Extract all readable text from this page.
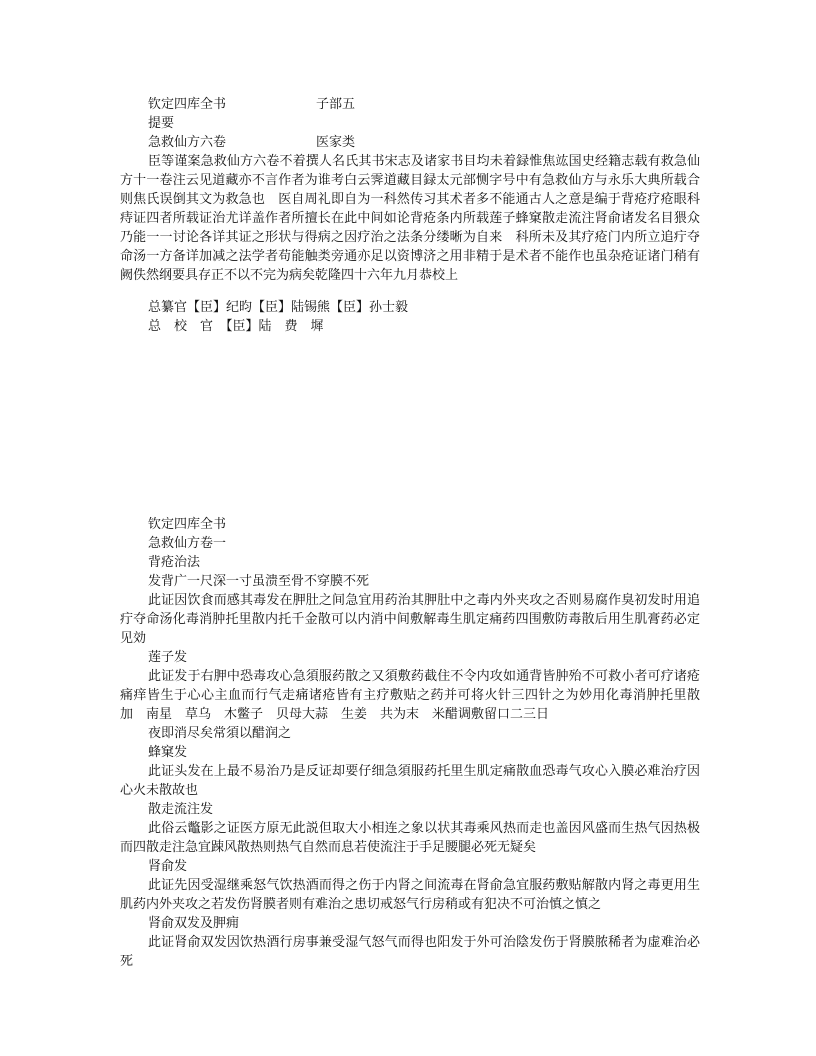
钦定四库全书	子部五
提要
急救仙方六卷	医家类
臣等谨案急救仙方六卷不着撰人名氏其书宋志及诸家书目均未着録惟焦竑国史经籍志载有救急仙方十一卷注云见道藏亦不言作者为谁考白云霁道藏目録太元部恻字号中有急救仙方与永乐大典所载合则焦氏误倒其文为救急也　医自周礼即自为一科然传习其术者多不能通古人之意是编于背疮疗疮眼科痔证四者所载证治尤详盖作者所擅长在此中间如论背疮条内所载莲子蜂窠散走流注肾俞诸发名目猥众乃能一一讨论各详其证之形状与得病之因疗治之法条分缕晰为自来　科所未及其疗疮门内所立追疔夺命汤一方备详加减之法学者苟能触类旁通亦足以资博济之用非精于是术者不能作也虽杂疮证诸门稍有阙佚然纲要具存正不以不完为病矣乾隆四十六年九月恭校上
总纂官【臣】纪昀【臣】陆锡熊【臣】孙士毅
总　校　官　【臣】陆　费　墀
钦定四库全书
急救仙方卷一
背疮治法
发背广一尺深一寸虽溃至骨不穿膜不死
此证因饮食而感其毒发在胛肚之间急宜用药治其胛肚中之毒内外夹攻之否则易腐作臭初发时用追疔夺命汤化毒消肿托里散内托千金散可以内消中间敷解毒生肌定痛药四围敷防毒散后用生肌膏药必定见効
莲子发
此证发于右胛中恐毒攻心急須服药散之又須敷药截住不令内攻如通背皆肿殆不可救小者可疗诸疮痛痒皆生于心心主血而行气走痛诸疮皆有主疗敷贴之药并可将火针三四针之为妙用化毒消肿托里散　加　南星　草乌　木鳖子　贝母大蒜　生姜　共为末　米醋调敷留口二三日
夜即消尽矣常須以醋润之
蜂窠发
此证头发在上最不易治乃是反证却要仔细急須服药托里生肌定痛散血恐毒气攻心入膜必难治疗因心火未散故也
散走流注发
此俗云鼈影之证医方原无此説但取大小相连之象以状其毒乘风热而走也盖因风盛而生热气因热极而四散走注急宜踈风散热则热气自然而息若使流注于手足腰腿必死无疑矣
肾俞发
此证先因受湿继乘怒气饮热酒而得之伤于内肾之间流毒在肾俞急宜服药敷贴解散内肾之毒更用生肌药内外夹攻之若发伤肾膜者则有难治之患切戒怒气行房稍或有犯决不可治慎之慎之
肾俞双发及胛痈
此证肾俞双发因饮热酒行房事兼受湿气怒气而得也阳发于外可治陰发伤于肾膜脓稀者为虚难治必死
